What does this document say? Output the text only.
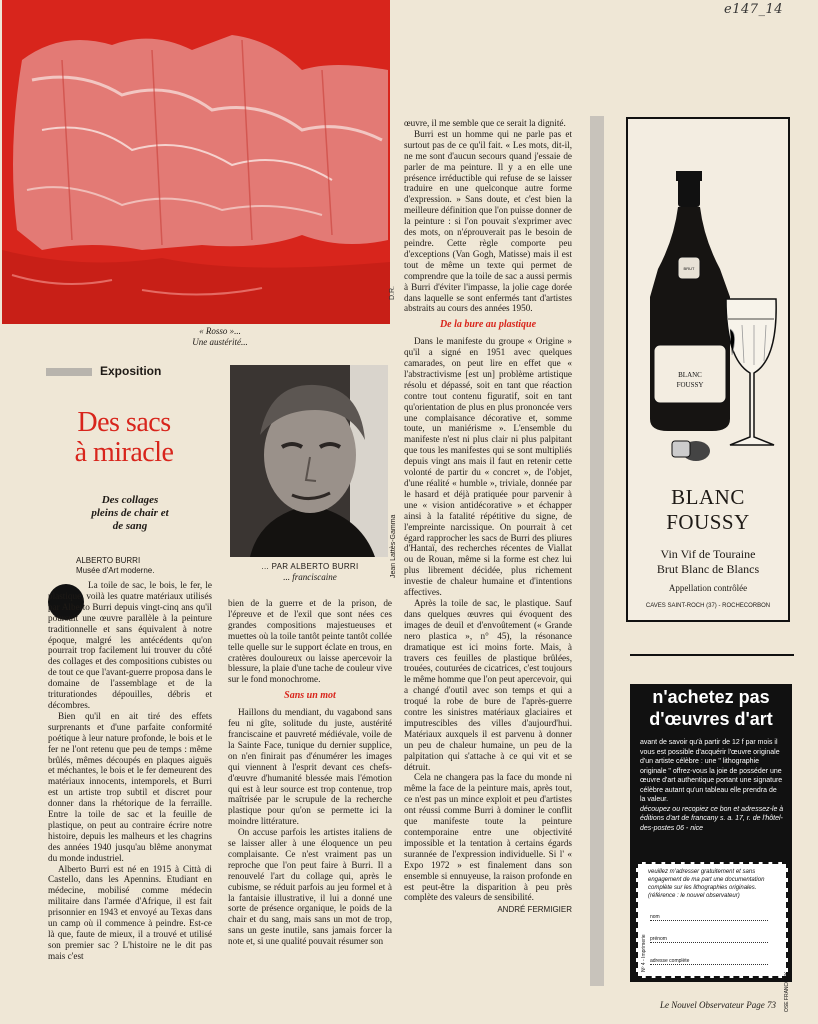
e147_14
D.R.
« Rosso »...
Une austérité...
Exposition
Des sacs
à miracle
Des collages
pleins de chair et
de sang
ALBERTO BURRI
Musée d'Art moderne.	Jean Lattès-Gamma
... PAR ALBERTO BURRI
... franciscaine

La toile de sac, le bois, le fer, le plastique, voilà les quatre matériaux utilisés par Alberto Burri depuis vingt-cinq ans qu'il poursuit une œuvre parallèle à la peinture traditionnelle et sans équivalent à notre époque, malgré les antécédents qu'on pourrait trop facilement lui trouver du côté des collages et des compositions cubistes ou de tout ce que l'avant-guerre proposa dans le domaine de l'assemblage et de la triturationdes dépouilles, débris et décombres.

Bien qu'il en ait tiré des effets surprenants et d'une parfaite conformité poétique à leur nature profonde, le bois et le fer ne l'ont retenu que peu de temps : même brûlés, mêmes découpés en plaques aiguës et méchantes, le bois et le fer demeurent des matériaux innocents, intemporels, et Burri est un artiste trop subtil et discret pour donner dans la rhétorique de la ferraille. Entre la toile de sac et la feuille de plastique, on peut au contraire écrire notre histoire, depuis les malheurs et les chagrins des années 1940 jusqu'au blême anonymat du monde industriel.

Alberto Burri est né en 1915 à Città di Castello, dans les Apennins. Etudiant en médecine, mobilisé comme médecin militaire dans l'armée d'Afrique, il est fait prisonnier en 1943 et envoyé au Texas dans un camp où il commence à peindre. Est-ce là que, faute de mieux, il a trouvé et utilisé son premier sac ? L'histoire ne le dit pas mais c'est

bien de la guerre et de la prison, de l'épreuve et de l'exil que sont nées ces grandes compositions majestueuses et muettes où la toile tantôt peinte tantôt collée telle quelle sur le support éclate en trous, en cratères douloureux ou laisse apercevoir la blessure, la plaie d'une tache de couleur vive sur le fond monochrome.

Sans un mot

Haillons du mendiant, du vagabond sans feu ni gîte, solitude du juste, austérité franciscaine et pauvreté médiévale, voile de la Sainte Face, tunique du dernier supplice, on n'en finirait pas d'énumérer les images qui viennent à l'esprit devant ces chefs-d'œuvre d'humanité blessée mais l'émotion qui est à leur source est trop contenue, trop maîtrisée par le scrupule de la recherche plastique pour qu'on se permette ici la moindre littérature.

On accuse parfois les artistes italiens de se laisser aller à une éloquence un peu complaisante. Ce n'est vraiment pas un reproche que l'on peut faire à Burri. Il a renouvelé l'art du collage qui, après le cubisme, se réduit parfois au jeu formel et à la fantaisie illustrative, il lui a donné une sorte de présence organique, le poids de la chair et du sang, mais sans un mot de trop, sans un geste inutile, sans jamais forcer la note et, si une qualité pouvait résumer son

œuvre, il me semble que ce serait la dignité.

Burri est un homme qui ne parle pas et surtout pas de ce qu'il fait. « Les mots, dit-il, ne me sont d'aucun secours quand j'essaie de parler de ma peinture. Il y a en elle une présence irréductible qui refuse de se laisser traduire en une quelconque autre forme d'expression. » Sans doute, et c'est bien la meilleure définition que l'on puisse donner de la peinture : si l'on pouvait s'exprimer avec des mots, on n'éprouverait pas le besoin de peindre. Cette règle comporte peu d'exceptions (Van Gogh, Matisse) mais il est tout de même un texte qui permet de comprendre que la toile de sac a aussi permis à Burri d'éviter l'impasse, la jolie cage dorée dans laquelle se sont enfermés tant d'artistes abstraits au cours des années 1950.

De la bure au plastique

Dans le manifeste du groupe « Origine » qu'il a signé en 1951 avec quelques camarades, on peut lire en effet que « l'abstractivisme [est un] problème artistique résolu et dépassé, soit en tant que réaction contre tout contenu figuratif, soit en tant qu'orientation de plus en plus prononcée vers une complaisance décorative et, somme toute, un maniérisme ». L'ensemble du manifeste n'est ni plus clair ni plus palpitant que tous les manifestes qui se sont multipliés depuis vingt ans mais il faut en retenir cette volonté de partir du « concret », de l'objet, d'une réalité « humble », triviale, donnée par le hasard et déjà pratiquée pour parvenir à une « vision antidécorative » et échapper ainsi à la fatalité répétitive du signe, de l'empreinte narcissique. On pourrait à cet égard rapprocher les sacs de Burri des pliures d'Hantaï, des recherches récentes de Viallat ou de Rouan, même si la forme est chez lui plus librement décidée, plus richement investie de chaleur humaine et d'intentions affectives.

Après la toile de sac, le plastique. Sauf dans quelques œuvres qui évoquent des images de deuil et d'envoûtement (« Grande nero plastica », n° 45), la résonance dramatique est ici moins forte. Mais, à travers ces feuilles de plastique brûlées, trouées, couturées de cicatrices, c'est toujours le même homme que l'on peut apercevoir, qui a changé d'outil avec son temps et qui a troqué la robe de bure de l'après-guerre contre les sinistres matériaux glaciaires et imputrescibles des villes d'aujourd'hui. Matériaux auxquels il est parvenu à donner un peu de chaleur humaine, un peu de la palpitation qui s'attache à ce qui vit et se détruit.

Cela ne changera pas la face du monde ni même la face de la peinture mais, après tout, ce n'est pas un mince exploit et peu d'artistes ont réussi comme Burri à dominer le conflit que manifeste toute la peinture contemporaine entre une objectivité impossible et la tentation à certains égards surannée de l'expression individuelle. Si l' « Expo 1972 » est finalement dans son ensemble si ennuyeuse, la raison profonde en est peut-être la disparition à peu près complète des valeurs de sensibilité.

ANDRÉ FERMIGIER
BRUT
BLANC
FOUSSY
BLANC
FOUSSY
Vin Vif de Touraine
Brut Blanc de Blancs
Appellation contrôlée
CAVES SAINT-ROCH (37) - ROCHECORBON
n'achetez pas
d'œuvres d'art
avant de savoir qu'à partir de 12 f par mois il vous est possible d'acquérir l'œuvre originale d'un artiste célèbre : une " lithographie originale " offrez-vous la joie de posséder une œuvre d'art authentique portant une signature célèbre autant qu'un tableau elle prendra de la valeur.
découpez ou recopiez ce bon et adressez-le à éditions d'art de francany s. a. 17, r. de l'hôtel-des-postes 06 - nice
veuillez m'adresser gratuitement et sans engagement de ma part une documentation complète sur les lithographies originales. (référence : le nouvel observateur)
nom
prénom
adresse complète
OSE FRANCONY
Nº 4 - Imprimerie
Le Nouvel Observateur Page 73
